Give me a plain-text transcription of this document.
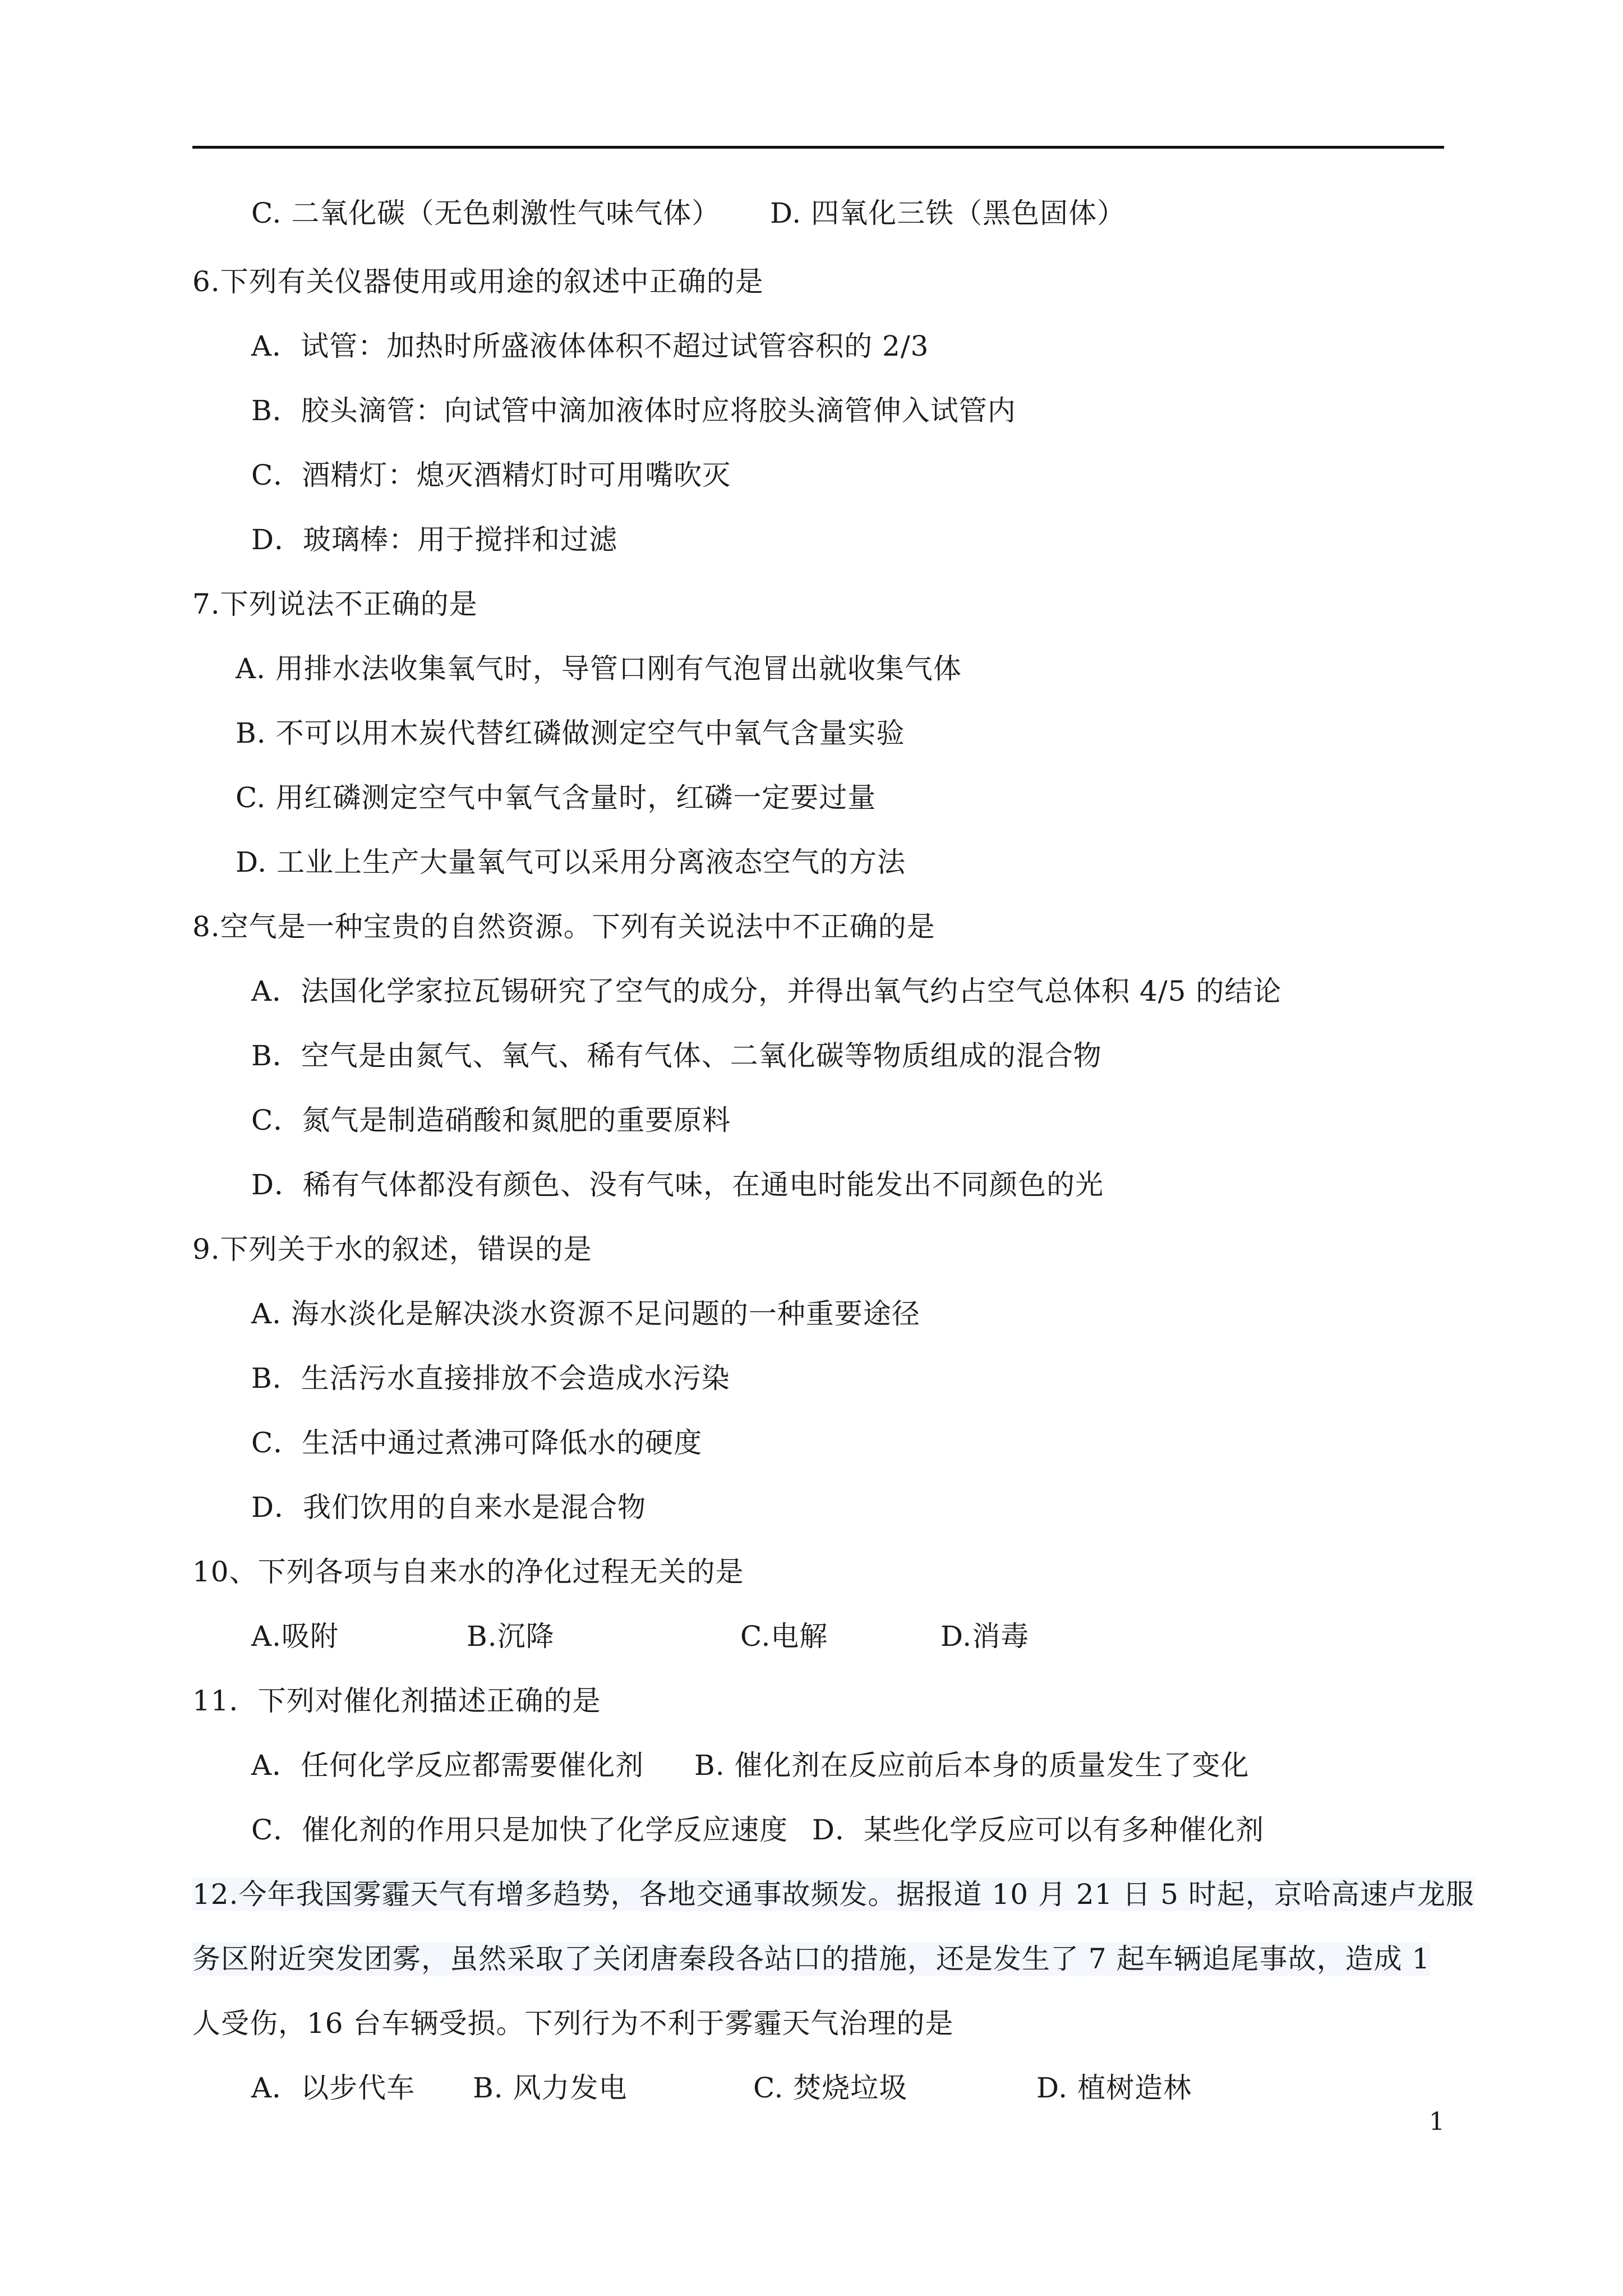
C. 二氧化碳（无色刺激性气味气体）	D. 四氧化三铁（黑色固体）
6.下列有关仪器使用或用途的叙述中正确的是
A．试管：加热时所盛液体体积不超过试管容积的 2/3
B．胶头滴管：向试管中滴加液体时应将胶头滴管伸入试管内
C．酒精灯：熄灭酒精灯时可用嘴吹灭
D．玻璃棒：用于搅拌和过滤
7.下列说法不正确的是
A. 用排水法收集氧气时，导管口刚有气泡冒出就收集气体
B. 不可以用木炭代替红磷做测定空气中氧气含量实验
C. 用红磷测定空气中氧气含量时，红磷一定要过量
D. 工业上生产大量氧气可以采用分离液态空气的方法
8.空气是一种宝贵的自然资源。下列有关说法中不正确的是
A．法国化学家拉瓦锡研究了空气的成分，并得出氧气约占空气总体积 4/5 的结论
B．空气是由氮气、氧气、稀有气体、二氧化碳等物质组成的混合物
C．氮气是制造硝酸和氮肥的重要原料
D．稀有气体都没有颜色、没有气味，在通电时能发出不同颜色的光
9.下列关于水的叙述，错误的是
A. 海水淡化是解决淡水资源不足问题的一种重要途径
B．生活污水直接排放不会造成水污染
C．生活中通过煮沸可降低水的硬度
D．我们饮用的自来水是混合物
10、下列各项与自来水的净化过程无关的是
A.吸附	B.沉降	C.电解	D.消毒
11．下列对催化剂描述正确的是
A．任何化学反应都需要催化剂	B. 催化剂在反应前后本身的质量发生了变化
C．催化剂的作用只是加快了化学反应速度 D．某些化学反应可以有多种催化剂
12.今年我国雾霾天气有增多趋势，各地交通事故频发。据报道 10 月 21 日 5 时起，京哈高速卢龙服
务区附近突发团雾，虽然采取了关闭唐秦段各站口的措施，还是发生了 7 起车辆追尾事故，造成 1
人受伤，16 台车辆受损。下列行为不利于雾霾天气治理的是
A．以步代车	B. 风力发电	C. 焚烧垃圾	D. 植树造林
1
